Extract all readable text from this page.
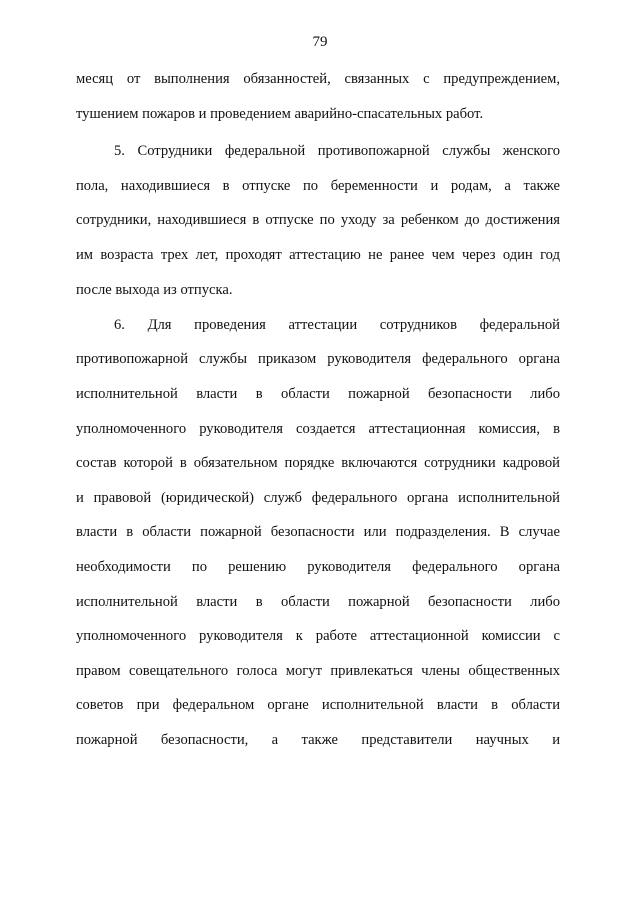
79
месяц от выполнения обязанностей, связанных с предупреждением,
тушением пожаров и проведением аварийно-спасательных работ.
5. Сотрудники федеральной противопожарной службы женского
пола, находившиеся в отпуске по беременности и родам, а также
сотрудники, находившиеся в отпуске по уходу за ребенком до достижения
им возраста трех лет, проходят аттестацию не ранее чем через один год
после выхода из отпуска.
6. Для проведения аттестации сотрудников федеральной
противопожарной службы приказом руководителя федерального органа
исполнительной власти в области пожарной безопасности либо
уполномоченного руководителя создается аттестационная комиссия, в
состав которой в обязательном порядке включаются сотрудники кадровой
и правовой (юридической) служб федерального органа исполнительной
власти в области пожарной безопасности или подразделения. В случае
необходимости по решению руководителя федерального органа
исполнительной власти в области пожарной безопасности либо
уполномоченного руководителя к работе аттестационной комиссии с
правом совещательного голоса могут привлекаться члены общественных
советов при федеральном органе исполнительной власти в области
пожарной безопасности, а также представители научных и
